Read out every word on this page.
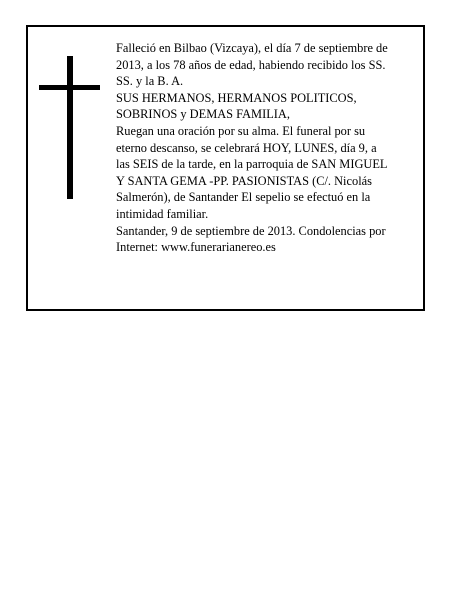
Falleció en Bilbao (Vizcaya), el día 7 de septiembre de
2013, a los 78 años de edad, habiendo recibido los SS.
SS. y la B. A.
SUS HERMANOS, HERMANOS POLITICOS,
SOBRINOS y DEMAS FAMILIA,
Ruegan una oración por su alma. El funeral por su
eterno descanso, se celebrará HOY, LUNES, día 9, a
las SEIS de la tarde, en la parroquia de SAN MIGUEL
Y SANTA GEMA -PP. PASIONISTAS (C/. Nicolás
Salmerón), de Santander El sepelio se efectuó en la
intimidad familiar.
Santander, 9 de septiembre de 2013. Condolencias por
Internet: www.funerarianereo.es
